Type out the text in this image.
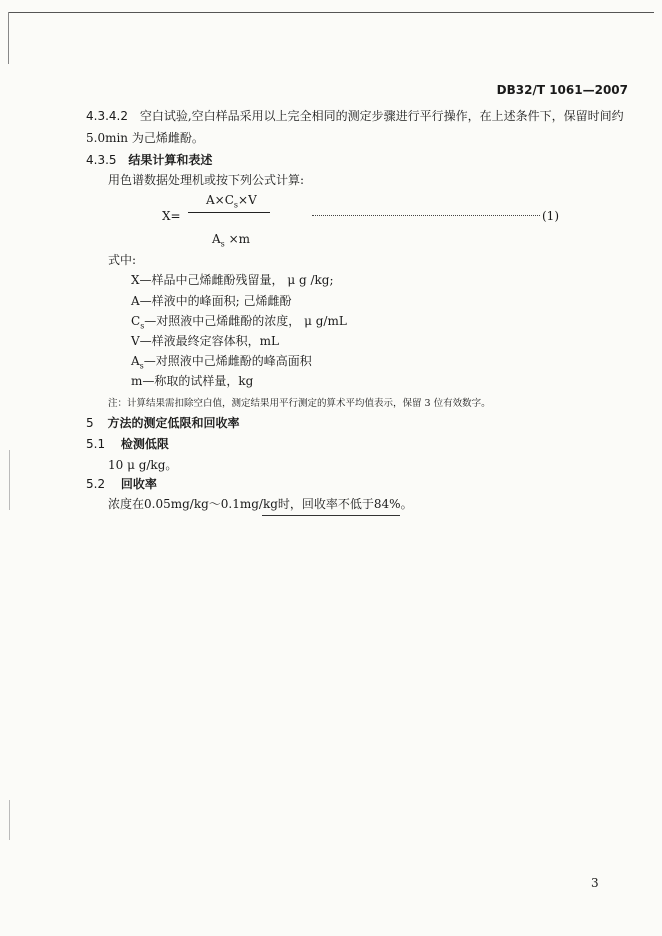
DB32/T 1061—2007
4.3.4.2 空白试验,空白样品采用以上完全相同的测定步骤进行平行操作，在上述条件下，保留时间约
5.0min 为己烯雌酚。
4.3.5 结果计算和表述
用色谱数据处理机或按下列公式计算:
X=
$A\times C_s\times V$
$A_s \times m$
(1)
式中:
X—样品中己烯雌酚残留量， μ g /kg;
A—样液中的峰面积; 己烯雌酚
$C_s—$对照液中己烯雌酚的浓度， μ g/mL
V—样液最终定容体积，mL
$A_s—$对照液中己烯雌酚的峰高面积
m—称取的试样量，kg
注：计算结果需扣除空白值，测定结果用平行测定的算术平均值表示，保留 3 位有效数字。
5 方法的测定低限和回收率
5.1 检测低限
10 μ g/kg。
5.2 回收率
浓度在0.05mg/kg～0.1mg/kg时，回收率不低于84%。
3
